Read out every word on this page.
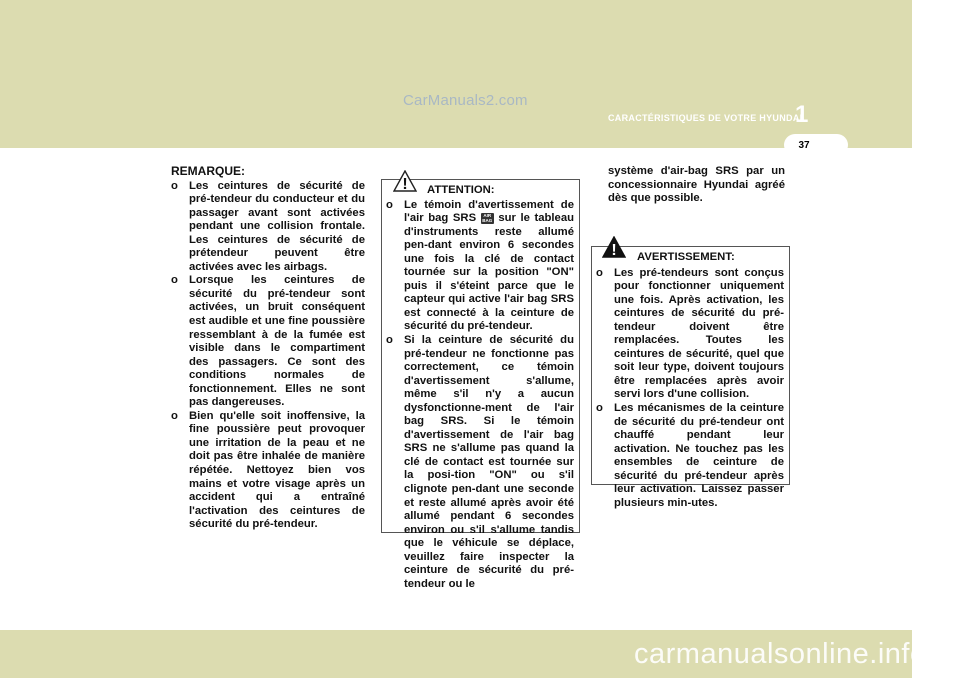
CarManuals2.com
CARACTÉRISTIQUES DE VOTRE HYUNDAI
1
37

REMARQUE:

o Les ceintures de sécurité de pré-tendeur du conducteur et du passager avant sont activées pendant une collision frontale. Les ceintures de sécurité de prétendeur peuvent être activées avec les airbags.

o Lorsque les ceintures de sécurité du pré-tendeur sont activées, un bruit conséquent est audible et une fine poussière ressemblant à de la fumée est visible dans le compartiment des passagers. Ce sont des conditions normales de fonctionnement. Elles ne sont pas dangereuses.

o Bien qu'elle soit inoffensive, la fine poussière peut provoquer une irritation de la peau et ne doit pas être inhalée de manière répétée. Nettoyez bien vos mains et votre visage après un accident qui a entraîné l'activation des ceintures de sécurité du pré-tendeur.

!	ATTENTION:

o Le témoin d'avertissement de l'air bag SRS AIR
BAG sur le tableau d'instruments reste allumé pen-dant environ 6 secondes une fois la clé de contact tournée sur la position "ON" puis il s'éteint parce que le capteur qui active l'air bag SRS est connecté à la ceinture de sécurité du pré-tendeur.

o Si la ceinture de sécurité du pré-tendeur ne fonctionne pas correctement, ce témoin d'avertissement s'allume, même s'il n'y a aucun dysfonctionne-ment de l'air bag SRS. Si le témoin d'avertissement de l'air bag SRS ne s'allume pas quand la clé de contact est tournée sur la posi-tion "ON" ou s'il clignote pen-dant une seconde et reste allumé après avoir été allumé pendant 6 secondes environ ou s'il s'allume tandis que le véhicule se déplace, veuillez faire inspecter la ceinture de sécurité du pré-tendeur ou le

système d'air-bag SRS par un concessionnaire Hyundai agréé dès que possible.

!	AVERTISSEMENT:

o Les pré-tendeurs sont conçus pour fonctionner uniquement une fois. Après activation, les ceintures de sécurité du pré-tendeur doivent être remplacées. Toutes les ceintures de sécurité, quel que soit leur type, doivent toujours être remplacées après avoir servi lors d'une collision.

o Les mécanismes de la ceinture de sécurité du pré-tendeur ont chauffé pendant leur activation. Ne touchez pas les ensembles de ceinture de sécurité du pré-tendeur après leur activation. Laissez passer plusieurs min-utes.

carmanualsonline.info
